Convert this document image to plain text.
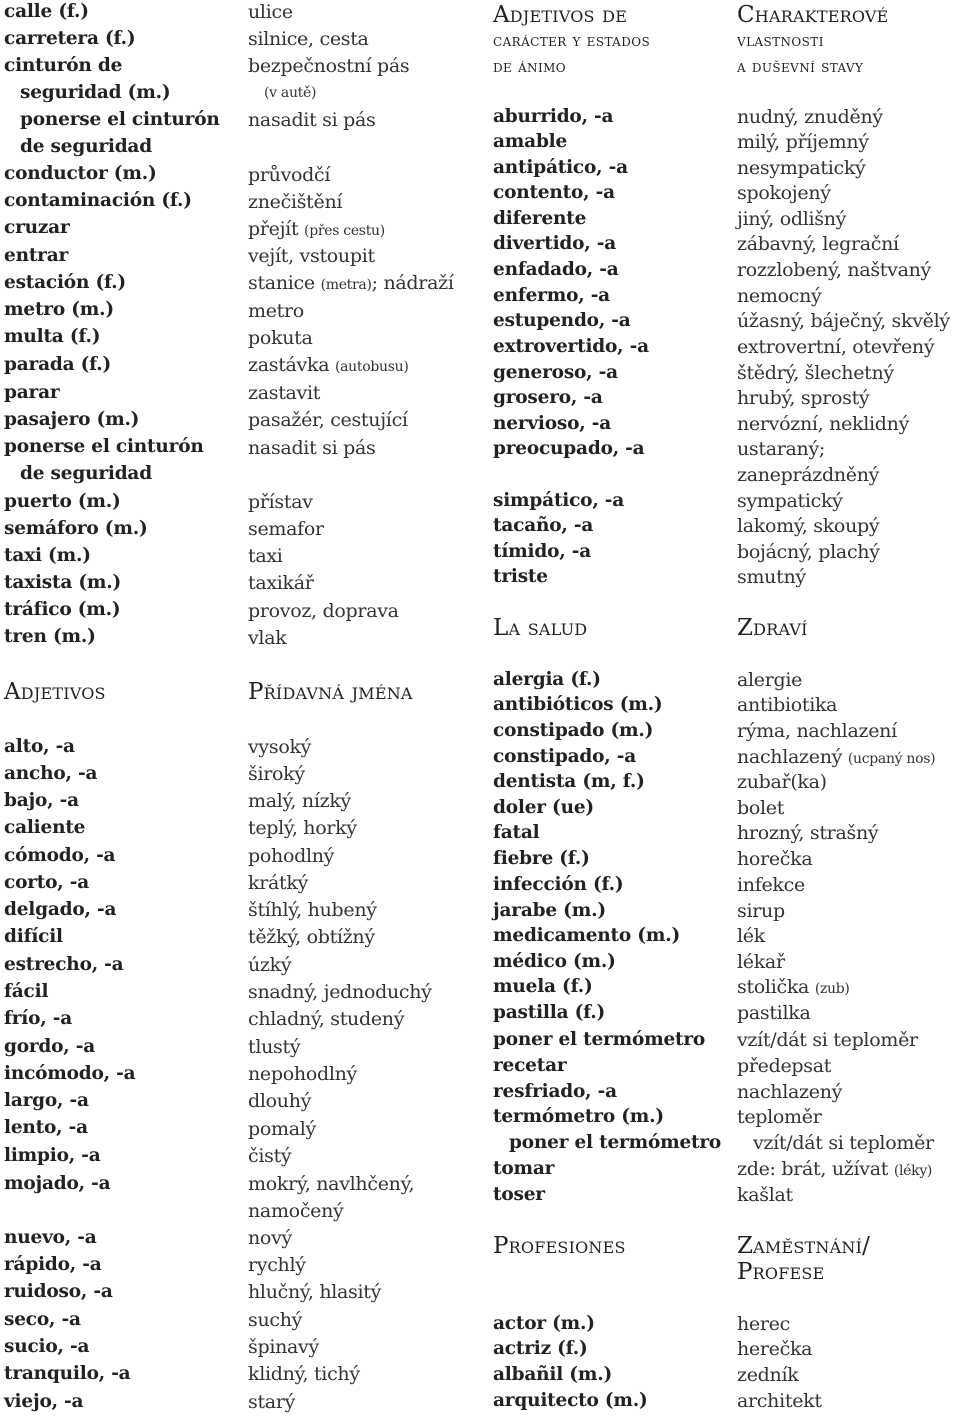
calle (f.)
carretera (f.)
cinturón de
seguridad (m.)
ponerse el cinturón
de seguridad
conductor (m.)
contaminación (f.)
cruzar
entrar
estación (f.)
metro (m.)
multa (f.)
parada (f.)
parar
pasajero (m.)
ponerse el cinturón
de seguridad
puerto (m.)
semáforo (m.)
taxi (m.)
taxista (m.)
tráfico (m.)
tren (m.)
Adjetivos
alto, -a
ancho, -a
bajo, -a
caliente
cómodo, -a
corto, -a
delgado, -a
difícil
estrecho, -a
fácil
frío, -a
gordo, -a
incómodo, -a
largo, -a
lento, -a
limpio, -a
mojado, -a
nuevo, -a
rápido, -a
ruidoso, -a
seco, -a
sucio, -a
tranquilo, -a
viejo, -a
ulice
silnice, cesta
bezpečnostní pás
(v autě)
nasadit si pás
průvodčí
znečištění
přejít (přes cestu)
vejít, vstoupit
stanice (metra); nádraží
metro
pokuta
zastávka (autobusu)
zastavit
pasažér, cestující
nasadit si pás
přístav
semafor
taxi
taxikář
provoz, doprava
vlak
Přídavná jména
vysoký
široký
malý, nízký
teplý, horký
pohodlný
krátký
štíhlý, hubený
těžký, obtížný
úzký
snadný, jednoduchý
chladný, studený
tlustý
nepohodlný
dlouhý
pomalý
čistý
mokrý, navlhčený,
namočený
nový
rychlý
hlučný, hlasitý
suchý
špinavý
klidný, tichý
starý
Adjetivos de
carácter y estados
de ánimo
aburrido, -a
amable
antipático, -a
contento, -a
diferente
divertido, -a
enfadado, -a
enfermo, -a
estupendo, -a
extrovertido, -a
generoso, -a
grosero, -a
nervioso, -a
preocupado, -a
simpático, -a
tacaño, -a
tímido, -a
triste
La salud
alergia (f.)
antibióticos (m.)
constipado (m.)
constipado, -a
dentista (m, f.)
doler (ue)
fatal
fiebre (f.)
infección (f.)
jarabe (m.)
medicamento (m.)
médico (m.)
muela (f.)
pastilla (f.)
poner el termómetro
recetar
resfriado, -a
termómetro (m.)
poner el termómetro
tomar
toser
Profesiones
actor (m.)
actriz (f.)
albañil (m.)
arquitecto (m.)
Charakterové
vlastnosti
a duševní stavy
nudný, znuděný
milý, příjemný
nesympatický
spokojený
jiný, odlišný
zábavný, legrační
rozzlobený, naštvaný
nemocný
úžasný, báječný, skvělý
extrovertní, otevřený
štědrý, šlechetný
hrubý, sprostý
nervózní, neklidný
ustaraný;
zaneprázdněný
sympatický
lakomý, skoupý
bojácný, plachý
smutný
Zdraví
alergie
antibiotika
rýma, nachlazení
nachlazený (ucpaný nos)
zubař(ka)
bolet
hrozný, strašný
horečka
infekce
sirup
lék
lékař
stolička (zub)
pastilka
vzít/dát si teploměr
předepsat
nachlazený
teploměr
vzít/dát si teploměr
zde: brát, užívat (léky)
kašlat
Zaměstnání/
Profese
herec
herečka
zedník
architekt
